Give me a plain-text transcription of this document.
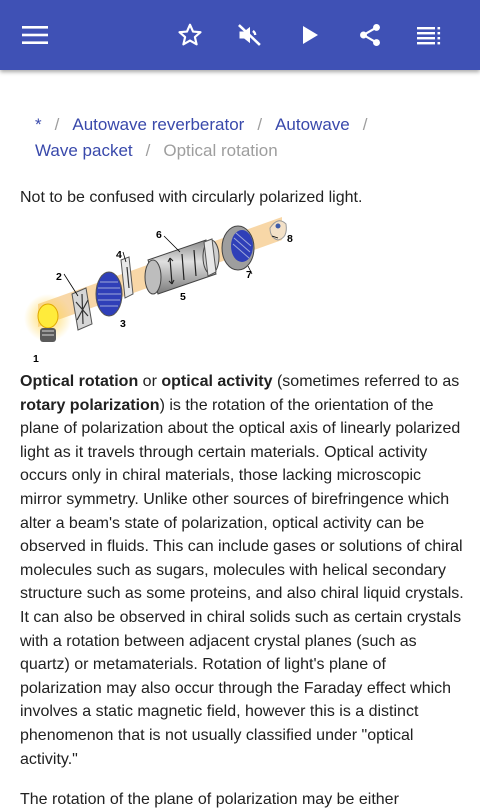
* / Autowave reverberator / Autowave /
Wave packet / Optical rotation
Not to be confused with circularly polarized light.
1
2
3
4
5
6
7
8
Optical rotation or optical activity (sometimes referred to as rotary polarization) is the rotation of the orientation of the plane of polarization about the optical axis of linearly polarized light as it travels through certain materials. Optical activity occurs only in chiral materials, those lacking microscopic mirror symmetry. Unlike other sources of birefringence which alter a beam's state of polarization, optical activity can be observed in fluids. This can include gases or solutions of chiral molecules such as sugars, molecules with helical secondary structure such as some proteins, and also chiral liquid crystals. It can also be observed in chiral solids such as certain crystals with a rotation between adjacent crystal planes (such as quartz) or metamaterials. Rotation of light's plane of polarization may also occur through the Faraday effect which involves a static magnetic field, however this is a distinct phenomenon that is not usually classified under "optical activity."
The rotation of the plane of polarization may be either
